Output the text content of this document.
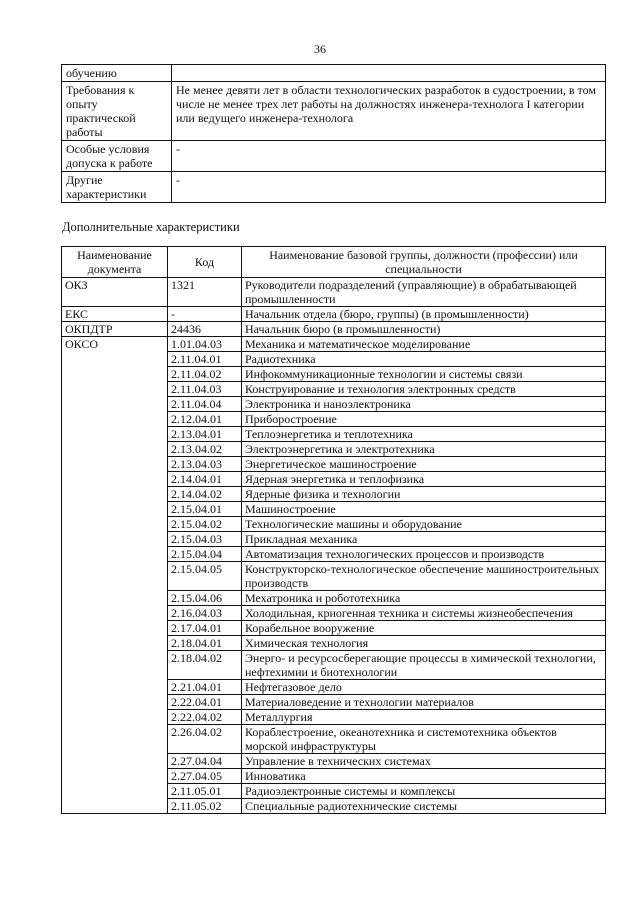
36
обучению	
Требования к опыту практической работы	Не менее девяти лет в области технологических разработок в судостроении, в том числе не менее трех лет работы на должностях инженера-технолога I категории или ведущего инженера-технолога
Особые условия допуска к работе	-
Другие характеристики	-
Дополнительные характеристики
Наименование документа	Код	Наименование базовой группы, должности (профессии) или специальности
ОКЗ	1321	Руководители подразделений (управляющие) в обрабатывающей промышленности
ЕКС	-	Начальник отдела (бюро, группы) (в промышленности)
ОКПДТР	24436	Начальник бюро (в промышленности)
ОКСО	1.01.04.03	Механика и математическое моделирование
	2.11.04.01	Радиотехника
	2.11.04.02	Инфокоммуникационные технологии и системы связи
	2.11.04.03	Конструирование и технология электронных средств
	2.11.04.04	Электроника и наноэлектроника
	2.12.04.01	Приборостроение
	2.13.04.01	Теплоэнергетика и теплотехника
	2.13.04.02	Электроэнергетика и электротехника
	2.13.04.03	Энергетическое машиностроение
	2.14.04.01	Ядерная энергетика и теплофизика
	2.14.04.02	Ядерные физика и технологии
	2.15.04.01	Машиностроение
	2.15.04.02	Технологические машины и оборудование
	2.15.04.03	Прикладная механика
	2.15.04.04	Автоматизация технологических процессов и производств
	2.15.04.05	Конструкторско-технологическое обеспечение машиностроительных производств
	2.15.04.06	Мехатроника и робототехника
	2.16.04.03	Холодильная, криогенная техника и системы жизнеобеспечения
	2.17.04.01	Корабельное вооружение
	2.18.04.01	Химическая технология
	2.18.04.02	Энерго- и ресурсосберегающие процессы в химической технологии, нефтехимии и биотехнологии
	2.21.04.01	Нефтегазовое дело
	2.22.04.01	Материаловедение и технологии материалов
	2.22.04.02	Металлургия
	2.26.04.02	Кораблестроение, океанотехника и системотехника объектов морской инфраструктуры
	2.27.04.04	Управление в технических системах
	2.27.04.05	Инноватика
	2.11.05.01	Радиоэлектронные системы и комплексы
	2.11.05.02	Специальные радиотехнические системы
